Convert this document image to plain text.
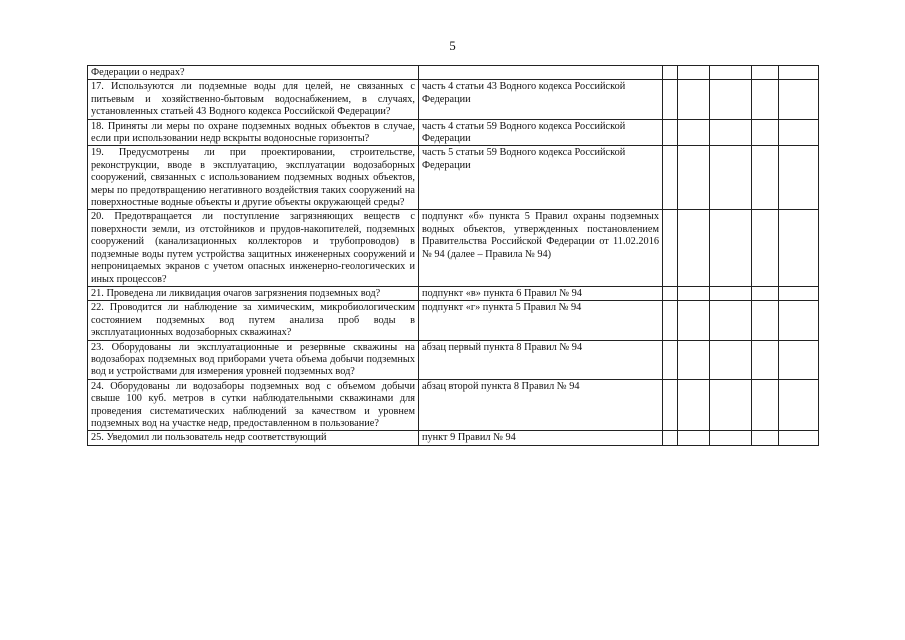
5
Федерации о недрах?						
17. Используются ли подземные воды для целей, не связанных с питьевым и хозяйственно-бытовым водоснабжением, в случаях, установленных статьей 43 Водного кодекса Российской Федерации?	часть 4 статьи 43 Водного кодекса Российской Федерации					
18. Приняты ли меры по охране подземных водных объектов в случае, если при использовании недр вскрыты водоносные горизонты?	часть 4 статьи 59 Водного кодекса Российской Федерации					
19. Предусмотрены ли при проектировании, строительстве, реконструкции, вводе в эксплуатацию, эксплуатации водозаборных сооружений, связанных с использованием подземных водных объектов, меры по предотвращению негативного воздействия таких сооружений на поверхностные водные объекты и другие объекты окружающей среды?	часть 5 статьи 59 Водного кодекса Российской Федерации					
20. Предотвращается ли поступление загрязняющих веществ с поверхности земли, из отстойников и прудов-накопителей, подземных сооружений (канализационных коллекторов и трубопроводов) в подземные воды путем устройства защитных инженерных сооружений и непроницаемых экранов с учетом опасных инженерно-геологических и иных процессов?	подпункт «б» пункта 5 Правил охраны подземных водных объектов, утвержденных постановлением Правительства Российской Федерации от 11.02.2016 № 94 (далее – Правила № 94)					
21. Проведена ли ликвидация очагов загрязнения подземных вод?	подпункт «в» пункта 6 Правил № 94					
22. Проводится ли наблюдение за химическим, микробиологическим состоянием подземных вод путем анализа проб воды в эксплуатационных водозаборных скважинах?	подпункт «г» пункта 5 Правил № 94					
23. Оборудованы ли эксплуатационные и резервные скважины на водозаборах подземных вод приборами учета объема добычи подземных вод и устройствами для измерения уровней подземных вод?	абзац первый пункта 8 Правил № 94					
24. Оборудованы ли водозаборы подземных вод с объемом добычи свыше 100 куб. метров в сутки наблюдательными скважинами для проведения систематических наблюдений за качеством и уровнем подземных вод на участке недр, предоставленном в пользование?	абзац второй пункта 8 Правил № 94					
25. Уведомил ли пользователь недр соответствующий	пункт 9 Правил № 94					
